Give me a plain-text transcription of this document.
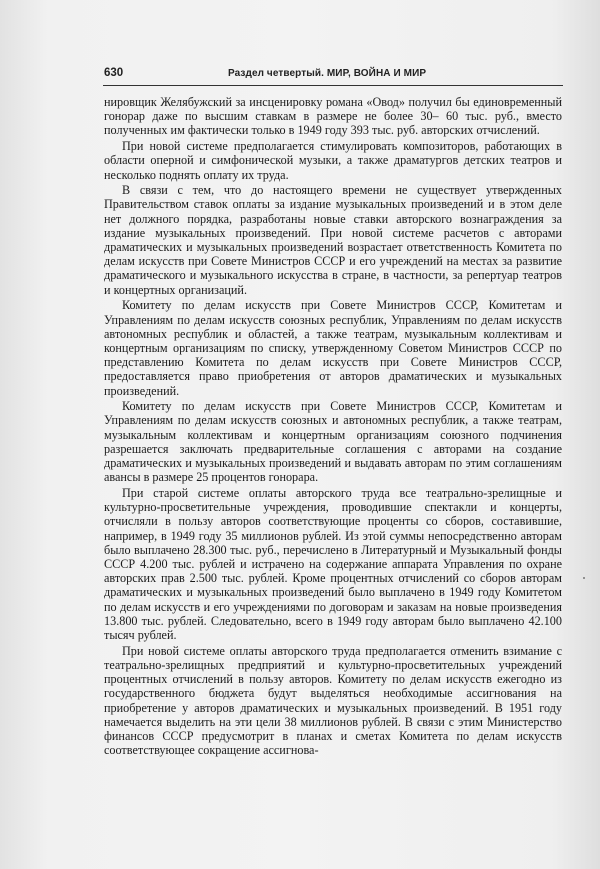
630	Раздел четвертый. МИР, ВОЙНА И МИР

нировщик Желябужский за инсценировку романа «Овод» получил бы единовременный гонорар даже по высшим ставкам в размере не более 30– 60 тыс. руб., вместо полученных им фактически только в 1949 году 393 тыс. руб. авторских отчислений.

При новой системе предполагается стимулировать композиторов, работающих в области оперной и симфонической музыки, а также драматургов детских театров и несколько поднять оплату их труда.

В связи с тем, что до настоящего времени не существует утвержденных Правительством ставок оплаты за издание музыкальных произведений и в этом деле нет должного порядка, разработаны новые ставки авторского вознаграждения за издание музыкальных произведений. При новой системе расчетов с авторами драматических и музыкальных произведений возрастает ответственность Комитета по делам искусств при Совете Министров СССР и его учреждений на местах за развитие драматического и музыкального искусства в стране, в частности, за репертуар театров и концертных организаций.

Комитету по делам искусств при Совете Министров СССР, Комитетам и Управлениям по делам искусств союзных республик, Управлениям по делам искусств автономных республик и областей, а также театрам, музыкальным коллективам и концертным организациям по списку, утвержденному Советом Министров СССР по представлению Комитета по делам искусств при Совете Министров СССР, предоставляется право приобретения от авторов драматических и музыкальных произведений.

Комитету по делам искусств при Совете Министров СССР, Комитетам и Управлениям по делам искусств союзных и автономных республик, а также театрам, музыкальным коллективам и концертным организациям союзного подчинения разрешается заключать предварительные соглашения с авторами на создание драматических и музыкальных произведений и выдавать авторам по этим соглашениям авансы в размере 25 процентов гонорара.

При старой системе оплаты авторского труда все театрально-зрелищные и культурно-просветительные учреждения, проводившие спектакли и концерты, отчисляли в пользу авторов соответствующие проценты со сборов, составившие, например, в 1949 году 35 миллионов рублей. Из этой суммы непосредственно авторам было выплачено 28.300 тыс. руб., перечислено в Литературный и Музыкальный фонды СССР 4.200 тыс. рублей и истрачено на содержание аппарата Управления по охране авторских прав 2.500 тыс. рублей. Кроме процентных отчислений со сборов авторам драматических и музыкальных произведений было выплачено в 1949 году Комитетом по делам искусств и его учреждениями по договорам и заказам на новые произведения 13.800 тыс. рублей. Следовательно, всего в 1949 году авторам было выплачено 42.100 тысяч рублей.

При новой системе оплаты авторского труда предполагается отменить взимание с театрально-зрелищных предприятий и культурно-просветительных учреждений процентных отчислений в пользу авторов. Комитету по делам искусств ежегодно из государственного бюджета будут выделяться необходимые ассигнования на приобретение у авторов драматических и музыкальных произведений. В 1951 году намечается выделить на эти цели 38 миллионов рублей. В связи с этим Министерство финансов СССР предусмотрит в планах и сметах Комитета по делам искусств соответствующее сокращение ассигнова-
